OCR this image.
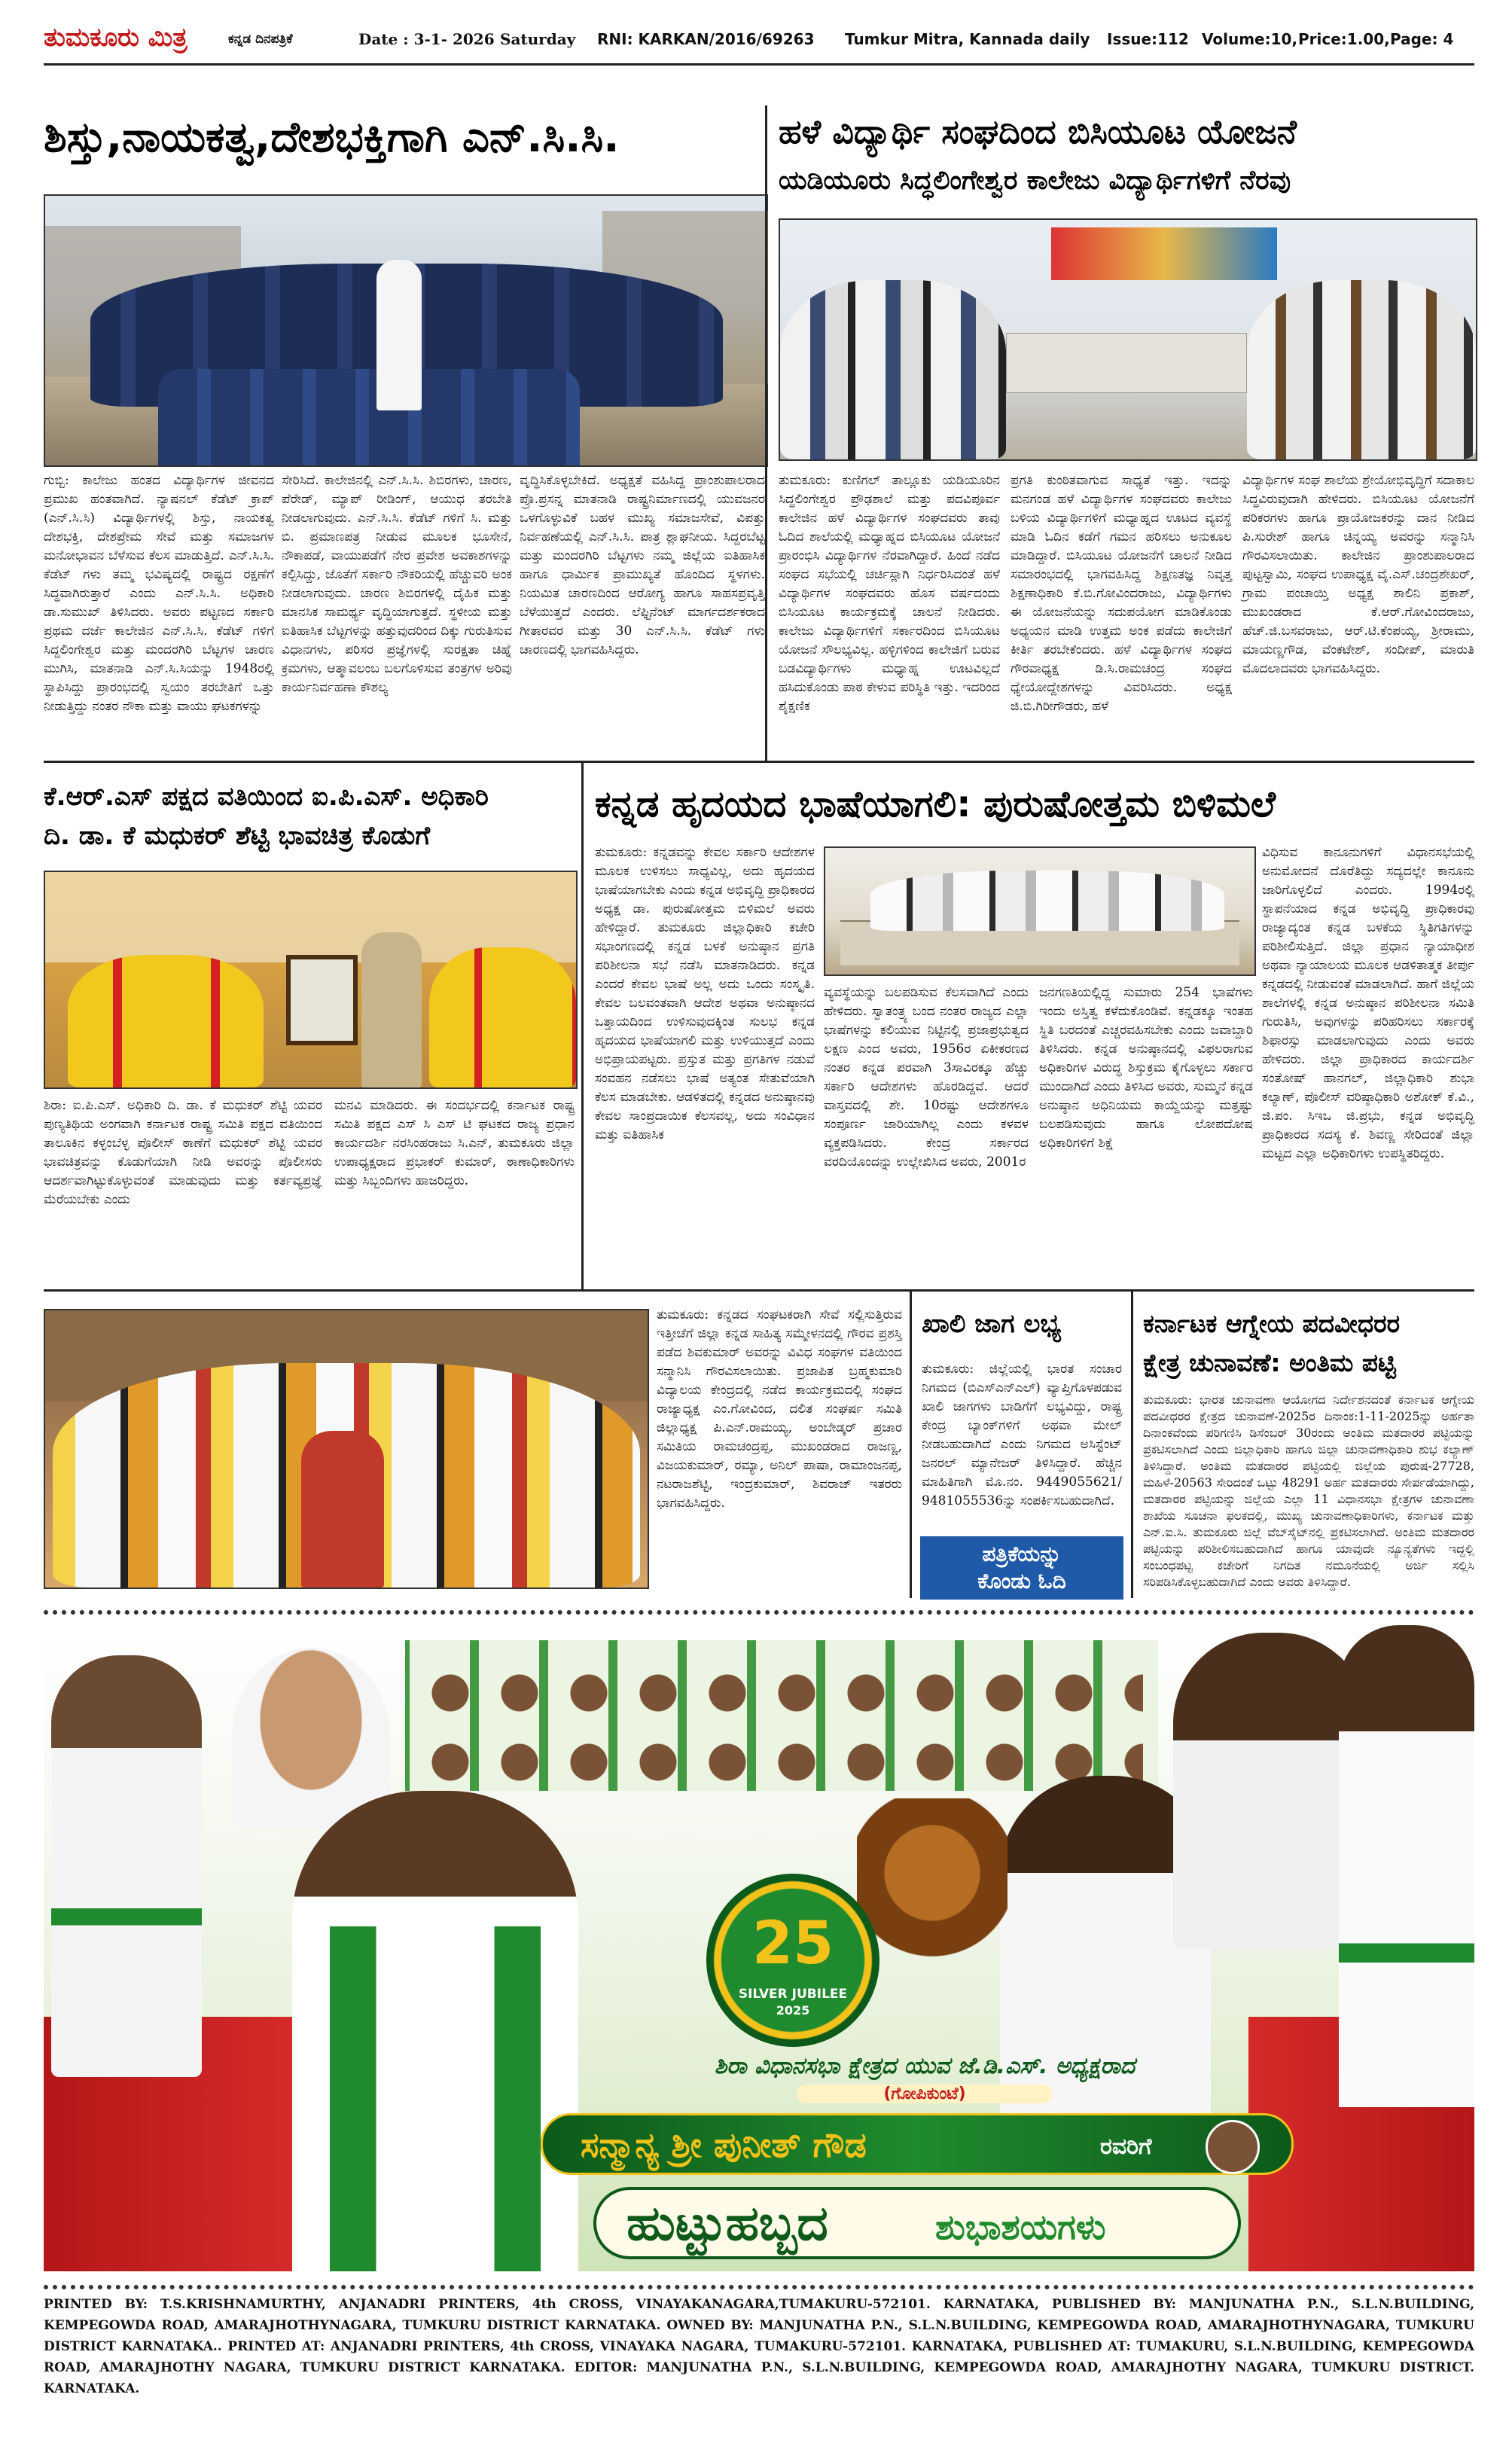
ತುಮಕೂರು ಮಿತ್ರ	ಕನ್ನಡ ದಿನಪತ್ರಿಕೆ	Date : 3-1- 2026 Saturday RNI: KARKAN/2016/69263 Tumkur Mitra, Kannada daily Issue:112 Volume:10, Price:1.00, Page: 4
ಶಿಸ್ತು,ನಾಯಕತ್ವ,ದೇಶಭಕ್ತಿಗಾಗಿ ಎನ್.ಸಿ.ಸಿ.
ಗುಬ್ಬಿ: ಕಾಲೇಜು ಹಂತದ ವಿದ್ಯಾರ್ಥಿಗಳ ಜೀವನದ ಪ್ರಮುಖ ಹಂತವಾಗಿದೆ. ನ್ಯಾಷನಲ್ ಕೆಡೆಟ್ ಕ್ರಾಪ್ (ಎನ್.ಸಿ.ಸಿ) ವಿದ್ಯಾರ್ಥಿಗಳಲ್ಲಿ ಶಿಸ್ತು, ನಾಯಕತ್ವ ದೇಶಭಕ್ತಿ, ದೇಶಪ್ರೇಮ ಸೇವೆ ಮತ್ತು ಸಮಾಜಗಳ ಮನೋಭಾವನ ಬೆಳೆಸುವ ಕೆಲಸ ಮಾಡುತ್ತಿದೆ. ಎನ್.ಸಿ.ಸಿ. ಕೆಡೆಟ್ ಗಳು ತಮ್ಮ ಭವಿಷ್ಯದಲ್ಲಿ ರಾಷ್ಟ್ರದ ರಕ್ಷಣೆಗೆ ಸಿದ್ಧವಾಗಿರುತ್ತಾರೆ ಎಂದು ಎನ್.ಸಿ.ಸಿ. ಅಧಿಕಾರಿ ಡಾ.ಸುಮುಖ್ ತಿಳಿಸಿದರು. ಅವರು ಪಟ್ಟಣದ ಸರ್ಕಾರಿ ಪ್ರಥಮ ದರ್ಜೆ ಕಾಲೇಜಿನ ಎನ್.ಸಿ.ಸಿ. ಕೆಡೆಟ್ ಗಳಿಗೆ ಸಿದ್ದಲಿಂಗೇಶ್ವರ ಮತ್ತು ಮಂದರಗಿರಿ ಬೆಟ್ಟಗಳ ಚಾರಣ ಮುಗಿಸಿ, ಮಾತನಾಡಿ ಎನ್.ಸಿ.ಸಿಯನ್ನು 1948ರಲ್ಲಿ ಸ್ಥಾಪಿಸಿದ್ದು ಪ್ರಾರಂಭದಲ್ಲಿ ಸ್ವಯಂ ತರಬೇತಿಗೆ ಒತ್ತು ನೀಡುತ್ತಿದ್ದು ನಂತರ ನೌಕಾ ಮತ್ತು ವಾಯು ಘಟಕಗಳನ್ನು
ಸೇರಿಸಿದೆ. ಕಾಲೇಜಿನಲ್ಲಿ ಎನ್.ಸಿ.ಸಿ. ಶಿಬಿರಗಳು, ಚಾರಣ, ಪೆರೇಡ್, ಮ್ಯಾಪ್ ರೀಡಿಂಗ್, ಆಯುಧ ತರಬೇತಿ ನೀಡಲಾಗುವುದು. ಎನ್.ಸಿ.ಸಿ. ಕೆಡೆಟ್ ಗಳಿಗೆ ಸಿ. ಮತ್ತು ಬಿ. ಪ್ರಮಾಣಪತ್ರ ನೀಡುವ ಮೂಲಕ ಭೂಸೇನೆ, ನೌಕಾಪಡೆ, ವಾಯುಪಡೆಗೆ ನೇರ ಪ್ರವೇಶ ಅವಕಾಶಗಳನ್ನು ಕಲ್ಪಿಸಿದ್ದು, ಜೊತೆಗೆ ಸರ್ಕಾರಿ ನೌಕರಿಯಲ್ಲಿ ಹೆಚ್ಚುವರಿ ಅಂಕ ನೀಡಲಾಗುವುದು. ಚಾರಣ ಶಿಬಿರಗಳಲ್ಲಿ ದೈಹಿಕ ಮತ್ತು ಮಾನಸಿಕ ಸಾಮರ್ಥ್ಯ ವೃದ್ಧಿಯಾಗುತ್ತದೆ. ಸ್ಥಳೀಯ ಮತ್ತು ಐತಿಹಾಸಿಕ ಬೆಟ್ಟಗಳನ್ನು ಹತ್ತುವುದರಿಂದ ದಿಕ್ಕು ಗುರುತಿಸುವ ವಿಧಾನಗಳು, ಪರಿಸರ ಪ್ರಜ್ಞೆಗಳಲ್ಲಿ ಸುರಕ್ಷತಾ ಚಿಹ್ನೆ ಕ್ರಮಗಳು, ಆತ್ಮಾವಲಂಬ ಬಲಗೊಳಿಸುವ ತಂತ್ರಗಳ ಅರಿವು ಕಾರ್ಯನಿರ್ವಹಣಾ ಕೌಶಲ್ಯ
ವೃದ್ಧಿಸಿಕೊಳ್ಳಬೇಕಿದೆ. ಅಧ್ಯಕ್ಷತೆ ವಹಿಸಿದ್ದ ಪ್ರಾಂಶುಪಾಲರಾದ ಪ್ರೊ.ಪ್ರಸನ್ನ ಮಾತನಾಡಿ ರಾಷ್ಟ್ರನಿರ್ಮಾಣದಲ್ಲಿ ಯುವಜನರ ಒಳಗೊಳ್ಳುವಿಕೆ ಬಹಳ ಮುಖ್ಯ ಸಮಾಜಸೇವೆ, ವಿಪತ್ತು ನಿರ್ವಹಣೆಯಲ್ಲಿ ಎನ್.ಸಿ.ಸಿ. ಪಾತ್ರ ಶ್ಲಾಘನೀಯ. ಸಿದ್ದರಬೆಟ್ಟ ಮತ್ತು ಮಂದರಗಿರಿ ಬೆಟ್ಟಗಳು ನಮ್ಮ ಜಿಲ್ಲೆಯ ಐತಿಹಾಸಿಕ ಹಾಗೂ ಧಾರ್ಮಿಕ ಪ್ರಾಮುಖ್ಯತೆ ಹೊಂದಿದ ಸ್ಥಳಗಳು. ನಿಯಮಿತ ಚಾರಣದಿಂದ ಆರೋಗ್ಯ ಹಾಗೂ ಸಾಹಸಪ್ರವೃತ್ತಿ ಬೆಳೆಯುತ್ತದೆ ಎಂದರು. ಲೆಫ್ಟಿನೆಂಟ್ ಮಾರ್ಗದರ್ಶಕರಾದ ಗೀತಾರವರ ಮತ್ತು 30 ಎನ್.ಸಿ.ಸಿ. ಕೆಡೆಟ್ ಗಳು ಚಾರಣದಲ್ಲಿ ಭಾಗವಹಿಸಿದ್ದರು.
ಹಳೆ ವಿದ್ಯಾರ್ಥಿ ಸಂಘದಿಂದ ಬಿಸಿಯೂಟ ಯೋಜನೆ
ಯಡಿಯೂರು ಸಿದ್ಧಲಿಂಗೇಶ್ವರ ಕಾಲೇಜು ವಿದ್ಯಾರ್ಥಿಗಳಿಗೆ ನೆರವು
ತುಮಕೂರು: ಕುಣಿಗಲ್ ತಾಲ್ಲೂಕು ಯಡಿಯೂರಿನ ಸಿದ್ಧಲಿಂಗೇಶ್ವರ ಪ್ರೌಢಶಾಲೆ ಮತ್ತು ಪದವಿಪೂರ್ವ ಕಾಲೇಜಿನ ಹಳೆ ವಿದ್ಯಾರ್ಥಿಗಳ ಸಂಘದವರು ತಾವು ಓದಿದ ಶಾಲೆಯಲ್ಲಿ ಮಧ್ಯಾಹ್ನದ ಬಿಸಿಯೂಟ ಯೋಜನೆ ಪ್ರಾರಂಭಿಸಿ ವಿದ್ಯಾರ್ಥಿಗಳ ನೆರವಾಗಿದ್ದಾರೆ. ಹಿಂದೆ ನಡೆದ ಸಂಘದ ಸಭೆಯಲ್ಲಿ ಚರ್ಚಿಸ್ಲಾಗಿ ನಿರ್ಧರಿಸಿದಂತೆ ಹಳೆ ವಿದ್ಯಾರ್ಥಿಗಳ ಸಂಘದವರು ಹೊಸ ವರ್ಷದಂದು ಬಿಸಿಯೂಟ ಕಾರ್ಯಕ್ರಮಕ್ಕೆ ಚಾಲನೆ ನೀಡಿದರು. ಕಾಲೇಜು ವಿದ್ಯಾರ್ಥಿಗಳಿಗೆ ಸರ್ಕಾರದಿಂದ ಬಿಸಿಯೂಟ ಯೋಜನೆ ಸೌಲಭ್ಯವಿಲ್ಲ. ಹಳ್ಳಿಗಳಿಂದ ಕಾಲೇಜಿಗೆ ಬರುವ ಬಡವಿದ್ಯಾರ್ಥಿಗಳು ಮಧ್ಯಾಹ್ನ ಊಟವಿಲ್ಲದೆ ಹಸಿದುಕೊಂಡು ಪಾಠ ಕೇಳುವ ಪರಿಸ್ಥಿತಿ ಇತ್ತು. ಇದರಿಂದ ಶೈಕ್ಷಣಿಕ
ಪ್ರಗತಿ ಕುಂಠಿತವಾಗುವ ಸಾಧ್ಯತೆ ಇತ್ತು. ಇದನ್ನು ಮನಗಂಡ ಹಳೆ ವಿದ್ಯಾರ್ಥಿಗಳ ಸಂಘದವರು ಕಾಲೇಜು ಬಳಿಯ ವಿದ್ಯಾರ್ಥಿಗಳಿಗೆ ಮಧ್ಯಾಹ್ನದ ಊಟದ ವ್ಯವಸ್ಥೆ ಮಾಡಿ ಓದಿನ ಕಡೆಗೆ ಗಮನ ಹರಿಸಲು ಅನುಕೂಲ ಮಾಡಿದ್ದಾರೆ. ಬಿಸಿಯೂಟ ಯೋಜನೆಗೆ ಚಾಲನೆ ನೀಡಿದ ಸಮಾರಂಭದಲ್ಲಿ ಭಾಗವಹಿಸಿದ್ದ ಶಿಕ್ಷಣತಜ್ಞ ನಿವೃತ್ತ ಶಿಕ್ಷಣಾಧಿಕಾರಿ ಕೆ.ಬಿ.ಗೋವಿಂದರಾಜು, ವಿದ್ಯಾರ್ಥಿಗಳು ಈ ಯೋಜನೆಯನ್ನು ಸದುಪಯೋಗ ಮಾಡಿಕೊಂಡು ಅಧ್ಯಯನ ಮಾಡಿ ಉತ್ತಮ ಅಂಕ ಪಡೆದು ಕಾಲೇಜಿಗೆ ಕೀರ್ತಿ ತರಬೇಕೆಂದರು. ಹಳೆ ವಿದ್ಯಾರ್ಥಿಗಳ ಸಂಘದ ಗೌರವಾಧ್ಯಕ್ಷ ಡಿ.ಸಿ.ರಾಮಚಂದ್ರ ಸಂಘದ ಧ್ಯೇಯೋದ್ದೇಶಗಳನ್ನು ವಿವರಿಸಿದರು. ಅಧ್ಯಕ್ಷ ಜಿ.ಬಿ.ಗಿರೀಗೌಡರು, ಹಳೆ
ವಿದ್ಯಾರ್ಥಿಗಳ ಸಂಘ ಶಾಲೆಯ ಶ್ರೇಯೋಭಿವೃದ್ಧಿಗೆ ಸದಾಕಾಲ ಸಿದ್ಧವಿರುವುದಾಗಿ ಹೇಳಿದರು. ಬಿಸಿಯೂಟ ಯೋಜನೆಗೆ ಪರಿಕರಗಳು ಹಾಗೂ ಪ್ರಾಯೋಜಕರನ್ನು ದಾನ ನೀಡಿದ ಪಿ.ಸುರೇಶ್ ಹಾಗೂ ಚಿನ್ನಯ್ಯ ಅವರನ್ನು ಸನ್ಮಾನಿಸಿ ಗೌರವಿಸಲಾಯಿತು. ಕಾಲೇಜಿನ ಪ್ರಾಂಶುಪಾಲರಾದ ಪುಟ್ಟಸ್ವಾಮಿ, ಸಂಘದ ಉಪಾಧ್ಯಕ್ಷ ವೈ.ಎಸ್.ಚಂದ್ರಶೇಖರ್, ಗ್ರಾಮ ಪಂಚಾಯ್ತಿ ಅಧ್ಯಕ್ಷ ಶಾಲಿನಿ ಪ್ರಕಾಶ್, ಮುಖಂಡರಾದ ಕೆ.ಆರ್.ಗೋವಿಂದರಾಜು, ಹೆಚ್.ಜಿ.ಬಸವರಾಜು, ಆರ್.ಟಿ.ಕೆಂಪಯ್ಯ, ಶ್ರೀರಾಮು, ಮಾಯಣ್ಣಗೌಡ, ವೆಂಕಟೇಶ್, ಸಂದೀಪ್, ಮಾರುತಿ ಮೊದಲಾದವರು ಭಾಗವಹಿಸಿದ್ದರು.
ಕೆ.ಆರ್.ಎಸ್ ಪಕ್ಷದ ವತಿಯಿಂದ ಐ.ಪಿ.ಎಸ್. ಅಧಿಕಾರಿ
ದಿ. ಡಾ. ಕೆ ಮಧುಕರ್ ಶೆಟ್ಟಿ ಭಾವಚಿತ್ರ ಕೊಡುಗೆ
ಶಿರಾ: ಐ.ಪಿ.ಎಸ್. ಅಧಿಕಾರಿ ದಿ. ಡಾ. ಕೆ ಮಧುಕರ್ ಶೆಟ್ಟಿ ಯವರ ಪುಣ್ಯತಿಥಿಯ ಅಂಗವಾಗಿ ಕರ್ನಾಟಕ ರಾಷ್ಟ್ರ ಸಮಿತಿ ಪಕ್ಷದ ವತಿಯಿಂದ ತಾಲೂಕಿನ ಕಳ್ಳಂಬೆಳ್ಳ ಪೊಲೀಸ್ ಠಾಣೆಗೆ ಮಧುಕರ್ ಶೆಟ್ಟಿ ಯವರ ಭಾವಚಿತ್ರವನ್ನು ಕೊಡುಗೆಯಾಗಿ ನೀಡಿ ಅವರನ್ನು ಪೊಲೀಸರು ಆದರ್ಶವಾಗಿಟ್ಟುಕೊಳ್ಳುವಂತೆ ಮಾಡುವುದು ಮತ್ತು ಕರ್ತವ್ಯಪ್ರಜ್ಞೆ ಮೆರೆಯಬೇಕು ಎಂದು
ಮನವಿ ಮಾಡಿದರು. ಈ ಸಂದರ್ಭದಲ್ಲಿ ಕರ್ನಾಟಕ ರಾಷ್ಟ್ರ ಸಮಿತಿ ಪಕ್ಷದ ಎಸ್ ಸಿ ಎಸ್ ಟಿ ಘಟಕದ ರಾಜ್ಯ ಪ್ರಧಾನ ಕಾರ್ಯದರ್ಶಿ ನರಸಿಂಹರಾಜು ಸಿ.ಎನ್, ತುಮಕೂರು ಜಿಲ್ಲಾ ಉಪಾಧ್ಯಕ್ಷರಾದ ಪ್ರಭಾಕರ್ ಕುಮಾರ್, ಠಾಣಾಧಿಕಾರಿಗಳು ಮತ್ತು ಸಿಬ್ಬಂದಿಗಳು ಹಾಜರಿದ್ದರು.
ಕನ್ನಡ ಹೃದಯದ ಭಾಷೆಯಾಗಲಿ: ಪುರುಷೋತ್ತಮ ಬಿಳಿಮಲೆ
ತುಮಕೂರು: ಕನ್ನಡವನ್ನು ಕೇವಲ ಸರ್ಕಾರಿ ಆದೇಶಗಳ ಮೂಲಕ ಉಳಿಸಲು ಸಾಧ್ಯವಿಲ್ಲ, ಅದು ಹೃದಯದ ಭಾಷೆಯಾಗಬೇಕು ಎಂದು ಕನ್ನಡ ಅಭಿವೃದ್ಧಿ ಪ್ರಾಧಿಕಾರದ ಅಧ್ಯಕ್ಷ ಡಾ. ಪುರುಷೋತ್ತಮ ಬಿಳಿಮಲೆ ಅವರು ಹೇಳಿದ್ದಾರೆ. ತುಮಕೂರು ಜಿಲ್ಲಾಧಿಕಾರಿ ಕಚೇರಿ ಸಭಾಂಗಣದಲ್ಲಿ ಕನ್ನಡ ಬಳಕೆ ಅನುಷ್ಠಾನ ಪ್ರಗತಿ ಪರಿಶೀಲನಾ ಸಭೆ ನಡೆಸಿ ಮಾತನಾಡಿದರು. ಕನ್ನಡ ಎಂದರೆ ಕೇವಲ ಭಾಷೆ ಅಲ್ಲ ಅದು ಒಂದು ಸಂಸ್ಕೃತಿ. ಕೇವಲ ಬಲವಂತವಾಗಿ ಆದೇಶ ಅಥವಾ ಅನುಷ್ಠಾನದ ಒತ್ತಾಯದಿಂದ ಉಳಿಸುವುದಕ್ಕಿಂತ ಸುಲಭ ಕನ್ನಡ ಹೃದಯದ ಭಾಷೆಯಾಗಲಿ ಮತ್ತು ಉಳಿಯುತ್ತದೆ ಎಂದು ಅಭಿಪ್ರಾಯಪಟ್ಟರು. ಪ್ರಸ್ತುತ ಮತ್ತು ಪ್ರಗತಿಗಳ ನಡುವೆ ಸಂವಹನ ನಡೆಸಲು ಭಾಷೆ ಅತ್ಯಂತ ಸೇತುವೆಯಾಗಿ ಕೆಲಸ ಮಾಡಬೇಕು. ಆಡಳಿತದಲ್ಲಿ ಕನ್ನಡದ ಅನುಷ್ಠಾನವು ಕೇವಲ ಸಾಂಪ್ರದಾಯಿಕ ಕೆಲಸವಲ್ಲ, ಅದು ಸಂವಿಧಾನ ಮತ್ತು ಐತಿಹಾಸಿಕ
ವ್ಯವಸ್ಥೆಯನ್ನು ಬಲಪಡಿಸುವ ಕೆಲಸವಾಗಿದೆ ಎಂದು ಹೇಳಿದರು. ಸ್ವಾತಂತ್ರ್ಯ ಬಂದ ನಂತರ ರಾಜ್ಯದ ಎಲ್ಲಾ ಭಾಷೆಗಳನ್ನು ಕಲಿಯುವ ನಿಟ್ಟಿನಲ್ಲಿ ಪ್ರಜಾಪ್ರಭುತ್ವದ ಲಕ್ಷಣ ಎಂದ ಅವರು, 1956ರ ಏಕೀಕರಣದ ನಂತರ ಕನ್ನಡ ಪರವಾಗಿ 3ಸಾವಿರಕ್ಕೂ ಹೆಚ್ಚು ಸರ್ಕಾರಿ ಆದೇಶಗಳು ಹೊರಡಿದ್ದವೆ. ಆದರೆ ವಾಸ್ತವದಲ್ಲಿ ಶೇ. 10ರಷ್ಟು ಆದೇಶಗಳೂ ಸಂಪೂರ್ಣ ಜಾರಿಯಾಗಿಲ್ಲ ಎಂದು ಕಳವಳ ವ್ಯಕ್ತಪಡಿಸಿದರು. ಕೇಂದ್ರ ಸರ್ಕಾರದ ವರದಿಯೊಂದನ್ನು ಉಲ್ಲೇಖಿಸಿದ ಅವರು, 2001ರ
ಜನಗಣತಿಯಲ್ಲಿದ್ದ ಸುಮಾರು 254 ಭಾಷೆಗಳು ಇಂದು ಅಸ್ತಿತ್ವ ಕಳೆದುಕೊಂಡಿವೆ. ಕನ್ನಡಕ್ಕೂ ಇಂತಹ ಸ್ಥಿತಿ ಬರದಂತೆ ಎಚ್ಚರವಹಿಸಬೇಕು ಎಂದು ಜವಾಬ್ದಾರಿ ತಿಳಿಸಿದರು. ಕನ್ನಡ ಅನುಷ್ಠಾನದಲ್ಲಿ ವಿಫಲರಾಗುವ ಅಧಿಕಾರಿಗಳ ವಿರುದ್ಧ ಶಿಸ್ತುಕ್ರಮ ಕೈಗೊಳ್ಳಲು ಸರ್ಕಾರ ಮುಂದಾಗಿದೆ ಎಂದು ತಿಳಿಸಿದ ಅವರು, ಸುಮ್ಮನೆ ಕನ್ನಡ ಅನುಷ್ಠಾನ ಅಧಿನಿಯಮ ಕಾಯ್ದೆಯನ್ನು ಮತ್ತಷ್ಟು ಬಲಪಡಿಸುವುದು ಹಾಗೂ ಲೋಪದೋಷ ಅಧಿಕಾರಿಗಳಿಗೆ ಶಿಕ್ಷೆ
ವಿಧಿಸುವ ಕಾನೂನುಗಳಿಗೆ ವಿಧಾನಸಭೆಯಲ್ಲಿ ಅನುಮೋದನೆ ದೊರೆತಿದ್ದು ಸದ್ಯದಲ್ಲೇ ಕಾನೂನು ಜಾರಿಗೊಳ್ಳಲಿದೆ ಎಂದರು. 1994ರಲ್ಲಿ ಸ್ಥಾಪನೆಯಾದ ಕನ್ನಡ ಅಭಿವೃದ್ಧಿ ಪ್ರಾಧಿಕಾರವು ರಾಜ್ಯಾದ್ಯಂತ ಕನ್ನಡ ಬಳಕೆಯ ಸ್ಥಿತಿಗತಿಗಳನ್ನು ಪರಿಶೀಲಿಸುತ್ತಿದೆ. ಜಿಲ್ಲಾ ಪ್ರಧಾನ ನ್ಯಾಯಾಧೀಶ ಅಥವಾ ನ್ಯಾಯಾಲಯ ಮೂಲಕ ಆಡಳಿತಾತ್ಮಕ ತೀರ್ಪು ಕನ್ನಡದಲ್ಲಿ ನೀಡುವಂತೆ ಮಾಡಲಾಗಿದೆ. ಹಾಗೆ ಜಿಲ್ಲೆಯ ಶಾಲೆಗಳಲ್ಲಿ ಕನ್ನಡ ಅನುಷ್ಠಾನ ಪರಿಶೀಲನಾ ಸಮಿತಿ ಗುರುತಿಸಿ, ಅವುಗಳನ್ನು ಪರಿಹರಿಸಲು ಸರ್ಕಾರಕ್ಕೆ ಶಿಫಾರಸ್ಸು ಮಾಡಲಾಗುವುದು ಎಂದು ಅವರು ಹೇಳಿದರು. ಜಿಲ್ಲಾ ಪ್ರಾಧಿಕಾರದ ಕಾರ್ಯದರ್ಶಿ ಸಂತೋಷ್ ಹಾನಗಲ್, ಜಿಲ್ಲಾಧಿಕಾರಿ ಶುಭಾ ಕಲ್ಯಾಣ್, ಪೊಲೀಸ್ ವರಿಷ್ಠಾಧಿಕಾರಿ ಅಶೋಕ್ ಕೆ.ವಿ., ಜಿ.ಪಂ. ಸಿಇಒ ಜಿ.ಪ್ರಭು, ಕನ್ನಡ ಅಭಿವೃದ್ಧಿ ಪ್ರಾಧಿಕಾರದ ಸದಸ್ಯ ಕೆ. ಶಿವಣ್ಣ ಸೇರಿದಂತೆ ಜಿಲ್ಲಾ ಮಟ್ಟದ ಎಲ್ಲಾ ಅಧಿಕಾರಿಗಳು ಉಪಸ್ಥಿತರಿದ್ದರು.
ತುಮಕೂರು: ಕನ್ನಡದ ಸಂಘಟಕರಾಗಿ ಸೇವೆ ಸಲ್ಲಿಸುತ್ತಿರುವ ಇತ್ತೀಚೆಗೆ ಜಿಲ್ಲಾ ಕನ್ನಡ ಸಾಹಿತ್ಯ ಸಮ್ಮೇಳನದಲ್ಲಿ ಗೌರವ ಪ್ರಶಸ್ತಿ ಪಡೆದ ಶಿವಕುಮಾರ್ ಅವರನ್ನು ವಿವಿಧ ಸಂಘಗಳ ವತಿಯಿಂದ ಸನ್ಮಾನಿಸಿ ಗೌರವಿಸಲಾಯಿತು. ಪ್ರಜಾಪಿತ ಬ್ರಹ್ಮಕುಮಾರಿ ವಿದ್ಯಾಲಯ ಕೇಂದ್ರದಲ್ಲಿ ನಡೆದ ಕಾರ್ಯಕ್ರಮದಲ್ಲಿ ಸಂಘದ ರಾಜ್ಯಾಧ್ಯಕ್ಷ ಎಂ.ಗೋವಿಂದ, ದಲಿತ ಸಂಘರ್ಷ ಸಮಿತಿ ಜಿಲ್ಲಾಧ್ಯಕ್ಷ ಪಿ.ಎನ್.ರಾಮಯ್ಯ, ಅಂಬೇಡ್ಕರ್ ಪ್ರಚಾರ ಸಮಿತಿಯ ರಾಮಚಂದ್ರಪ್ಪ, ಮುಖಂಡರಾದ ರಾಜಣ್ಣ, ವಿಜಯಕುಮಾರ್, ರಮ್ಯಾ, ಅನಿಲ್ ಪಾಷಾ, ರಾಮಾಂಜನಪ್ಪ, ನಟರಾಜಶೆಟ್ಟಿ, ಇಂದ್ರಕುಮಾರ್, ಶಿವರಾಜ್ ಇತರರು ಭಾಗವಹಿಸಿದ್ದರು.
ಖಾಲಿ ಜಾಗ ಲಭ್ಯ
ತುಮಕೂರು: ಜಿಲ್ಲೆಯಲ್ಲಿ ಭಾರತ ಸಂಚಾರ ನಿಗಮದ (ಬಿಎಸ್‌ಎನ್‌ಎಲ್) ವ್ಯಾಪ್ತಿಗೊಳಪಡುವ ಖಾಲಿ ಜಾಗಗಳು ಬಾಡಿಗೆಗೆ ಲಭ್ಯವಿದ್ದು, ರಾಷ್ಟ್ರ ಕೇಂದ್ರ ಬ್ಯಾಂಕ್‌ಗಳಿಗೆ ಅಥವಾ ಮೇಲ್ ನೀಡಬಹುದಾಗಿದೆ ಎಂದು ನಿಗಮದ ಅಸಿಸ್ಟೆಂಟ್ ಜನರಲ್ ಮ್ಯಾನೇಜರ್ ತಿಳಿಸಿದ್ದಾರೆ. ಹೆಚ್ಚಿನ ಮಾಹಿತಿಗಾಗಿ ಮೊ.ನಂ. 9449055621/ 9481055536ನ್ನು ಸಂಪರ್ಕಿಸಬಹುದಾಗಿದೆ.
ಪತ್ರಿಕೆಯನ್ನು
ಕೊಂಡು ಓದಿ
ಕರ್ನಾಟಕ ಆಗ್ನೇಯ ಪದವೀಧರರ
ಕ್ಷೇತ್ರ ಚುನಾವಣೆ: ಅಂತಿಮ ಪಟ್ಟಿ
ತುಮಕೂರು: ಭಾರತ ಚುನಾವಣಾ ಆಯೋಗದ ನಿರ್ದೇಶನದಂತೆ ಕರ್ನಾಟಕ ಆಗ್ನೇಯ ಪದವೀಧರರ ಕ್ಷೇತ್ರದ ಚುನಾವಣೆ-2025ರ ದಿನಾಂಕ:1-11-2025ನ್ನು ಅರ್ಹತಾ ದಿನಾಂಕವೆಂದು ಪರಿಗಣಿಸಿ ಡಿಸೆಂಬರ್ 30ರಂದು ಅಂತಿಮ ಮತದಾರರ ಪಟ್ಟಿಯನ್ನು ಪ್ರಕಟಿಸಲಾಗಿದೆ ಎಂದು ಜಿಲ್ಲಾಧಿಕಾರಿ ಹಾಗೂ ಜಿಲ್ಲಾ ಚುನಾವಣಾಧಿಕಾರಿ ಶುಭ ಕಲ್ಯಾಣ್ ತಿಳಿಸಿದ್ದಾರೆ. ಅಂತಿಮ ಮತದಾರರ ಪಟ್ಟಿಯಲ್ಲಿ ಜಿಲ್ಲೆಯ ಪುರುಷ-27728, ಮಹಿಳೆ-20563 ಸೇರಿದಂತೆ ಒಟ್ಟು 48291 ಅರ್ಹ ಮತದಾರರು ಸೇರ್ಪಡೆಯಾಗಿದ್ದು, ಮತದಾರರ ಪಟ್ಟಿಯನ್ನು ಜಿಲ್ಲೆಯ ಎಲ್ಲಾ 11 ವಿಧಾನಸಭಾ ಕ್ಷೇತ್ರಗಳ ಚುನಾವಣಾ ಶಾಖೆಯ ಸೂಚನಾ ಫಲಕದಲ್ಲಿ, ಮುಖ್ಯ ಚುನಾವಣಾಧಿಕಾರಿಗಳು, ಕರ್ನಾಟಕ ಮತ್ತು ಎನ್.ಐ.ಸಿ. ತುಮಕೂರು ಜಿಲ್ಲೆ ವೆಬ್‌ಸೈಟ್‌ನಲ್ಲಿ ಪ್ರಕಟಿಸಲಾಗಿದೆ. ಅಂತಿಮ ಮತದಾರರ ಪಟ್ಟಿಯನ್ನು ಪರಿಶೀಲಿಸಬಹುದಾಗಿದೆ ಹಾಗೂ ಯಾವುದೇ ನ್ಯೂನ್ಯತೆಗಳು ಇದ್ದಲ್ಲಿ ಸಂಬಂಧಪಟ್ಟ ಕಚೇರಿಗೆ ನಿಗದಿತ ನಮೂನೆಯಲ್ಲಿ ಅರ್ಜಿ ಸಲ್ಲಿಸಿ ಸರಿಪಡಿಸಿಕೊಳ್ಳಬಹುದಾಗಿದೆ ಎಂದು ಅವರು ತಿಳಿಸಿದ್ದಾರೆ.
25
SILVER JUBILEE
2025
ಶಿರಾ ವಿಧಾನಸಭಾ ಕ್ಷೇತ್ರದ ಯುವ ಜೆ.ಡಿ.ಎಸ್. ಅಧ್ಯಕ್ಷರಾದ
(ಗೋಪಿಕುಂಟೆ)
ಸನ್ಮಾನ್ಯ ಶ್ರೀ ಪುನೀತ್ ಗೌಡ	ರವರಿಗೆ
ಹುಟ್ಟುಹಬ್ಬದ	ಶುಭಾಶಯಗಳು
PRINTED BY: T.S.KRISHNAMURTHY, ANJANADRI PRINTERS, 4th CROSS, VINAYAKANAGARA,TUMAKURU-572101. KARNATAKA, PUBLISHED BY: MANJUNATHA P.N., S.L.N.BUILDING, KEMPEGOWDA ROAD, AMARAJHOTHYNAGARA, TUMKURU DISTRICT KARNATAKA. OWNED BY: MANJUNATHA P.N., S.L.N.BUILDING, KEMPEGOWDA ROAD, AMARAJHOTHYNAGARA, TUMKURU DISTRICT KARNATAKA.. PRINTED AT: ANJANADRI PRINTERS, 4th CROSS, VINAYAKA NAGARA, TUMAKURU-572101. KARNATAKA, PUBLISHED AT: TUMAKURU, S.L.N.BUILDING, KEMPEGOWDA ROAD, AMARAJHOTHY NAGARA, TUMKURU DISTRICT KARNATAKA. EDITOR: MANJUNATHA P.N., S.L.N.BUILDING, KEMPEGOWDA ROAD, AMARAJHOTHY NAGARA, TUMKURU DISTRICT. KARNATAKA.
